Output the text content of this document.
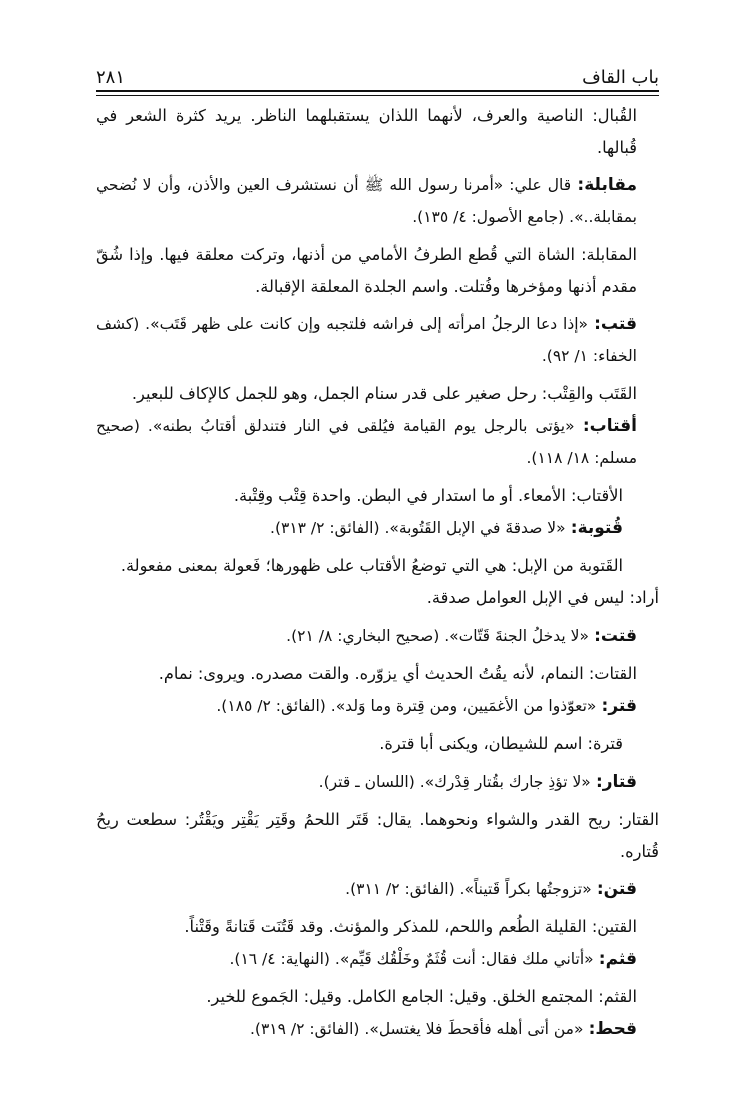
باب القاف
٢٨١

القُبال: الناصية والعرف، لأنهما اللذان يستقبلهما الناظر. يريد كثرة الشعر في قُبالها.

مقابلة: قال علي: «أمرنا رسول الله ﷺ أن نستشرف العين والأذن، وأن لا نُضحي بمقابلة..». (جامع الأصول: ٤/ ١٣٥).

المقابلة: الشاة التي قُطع الطرفُ الأمامي من أذنها، وتركت معلقة فيها. وإذا شُقّ مقدم أذنها ومؤخرها وفُتلت. واسم الجلدة المعلقة الإقبالة.

قتب: «إذا دعا الرجلُ امرأته إلى فراشه فلتجبه وإن كانت على ظهر قَتَب». (كشف الخفاء: ١/ ٩٢).

القَتَب والقِتْب: رحل صغير على قدر سنام الجمل، وهو للجمل كالإكاف للبعير.

أقتاب: «يؤتى بالرجل يوم القيامة فيُلقى في النار فتندلق أقتابُ بطنه». (صحيح مسلم: ١٨/ ١١٨).

الأقتاب: الأمعاء. أو ما استدار في البطن. واحدة قِتْب وقِتْبة.

قُتوبة: «لا صدقةَ في الإبل القَتُوبة». (الفائق: ٢/ ٣١٣).

القَتوبة من الإبل: هي التي توضعُ الأقتاب على ظهورها؛ فَعولة بمعنى مفعولة.

أراد: ليس في الإبل العوامل صدقة.

قتت: «لا يدخلُ الجنةَ قَتّات». (صحيح البخاري: ٨/ ٢١).

القتات: النمام، لأنه يقُتُ الحديث أي يزوّره. والقت مصدره. ويروى: نمام.

قتر: «تعوّذوا من الأغمَيين، ومن قِترة وما وَلد». (الفائق: ٢/ ١٨٥).

قترة: اسم للشيطان، ويكنى أبا قترة.

قتار: «لا تؤذِ جارك بقُتار قِدْرك». (اللسان ـ قتر).

القتار: ريح القدر والشواء ونحوهما. يقال: قَتَر اللحمُ وقَتِر يَقْتِر ويَقْتُر: سطعت ريحُ قُتاره.

قتن: «تزوجتُها بكراً قَتيناً». (الفائق: ٢/ ٣١١).

القتين: القليلة الطُعم واللحم، للمذكر والمؤنث. وقد قَتُنَت قَتانةً وقَتْناً.

قثم: «أتاني ملك فقال: أنت قُثَمٌ وخَلْقُك قَيِّم». (النهاية: ٤/ ١٦).

القثم: المجتمع الخلق. وقيل: الجامع الكامل. وقيل: الجَموع للخير.

قحط: «من أتى أهله فأقحطَ فلا يغتسل». (الفائق: ٢/ ٣١٩).
